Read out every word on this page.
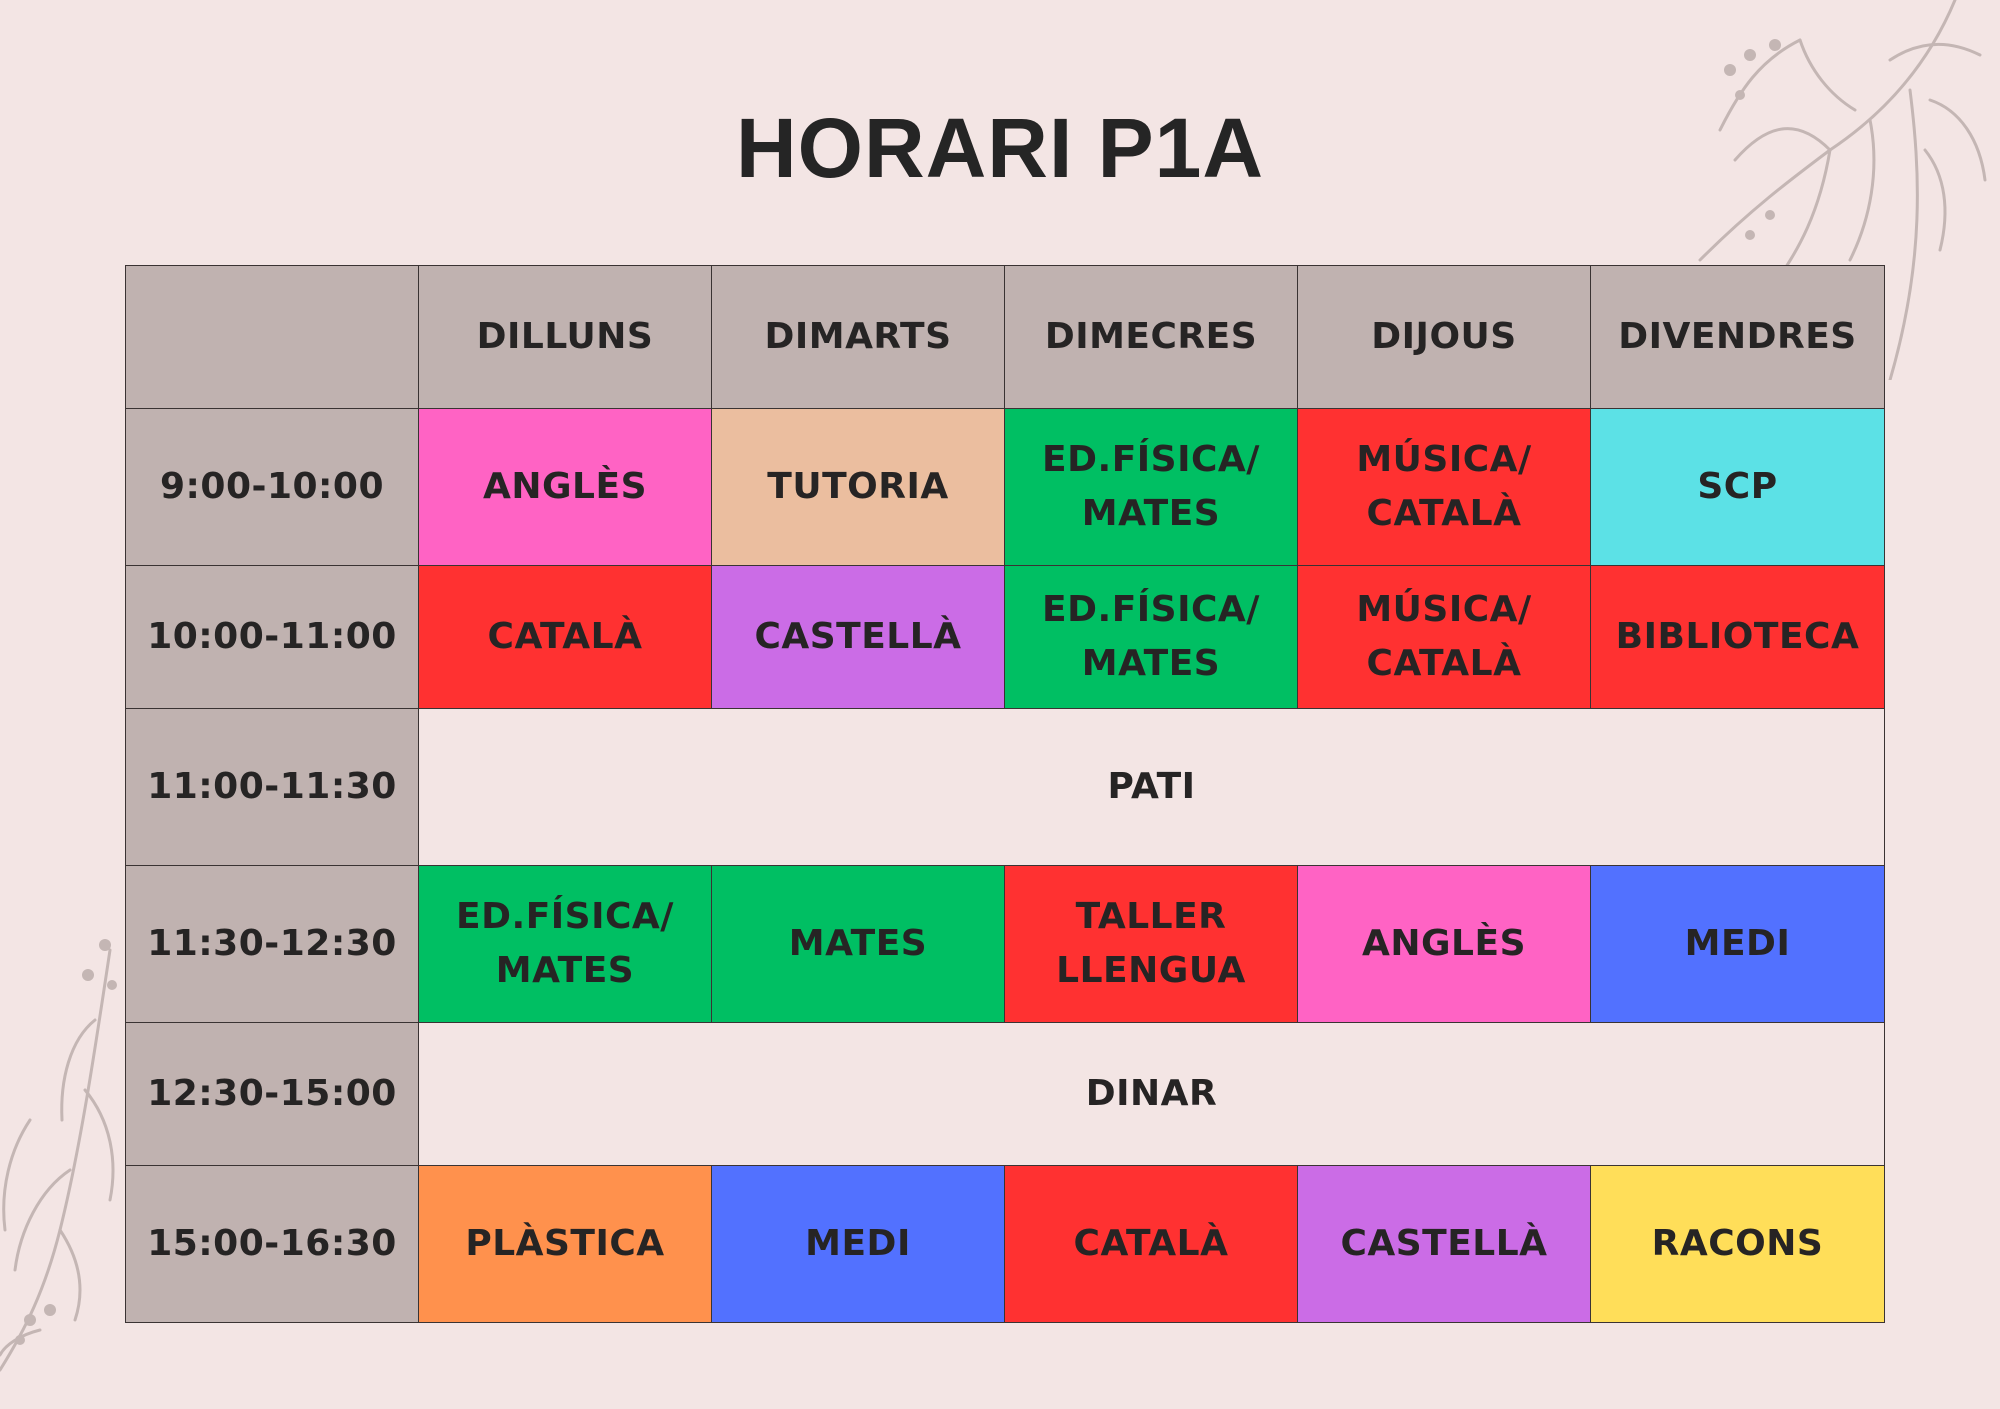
HORARI P1A
	DILLUNS	DIMARTS	DIMECRES	DIJOUS	DIVENDRES
9:00-10:00	ANGLÈS	TUTORIA	ED.FÍSICA/ MATES	MÚSICA/ CATALÀ	SCP
10:00-11:00	CATALÀ	CASTELLÀ	ED.FÍSICA/ MATES	MÚSICA/ CATALÀ	BIBLIOTECA
11:00-11:30	PATI				
11:30-12:30	ED.FÍSICA/ MATES	MATES	TALLER LLENGUA	ANGLÈS	MEDI
12:30-15:00	DINAR				
15:00-16:30	PLÀSTICA	MEDI	CATALÀ	CASTELLÀ	RACONS
